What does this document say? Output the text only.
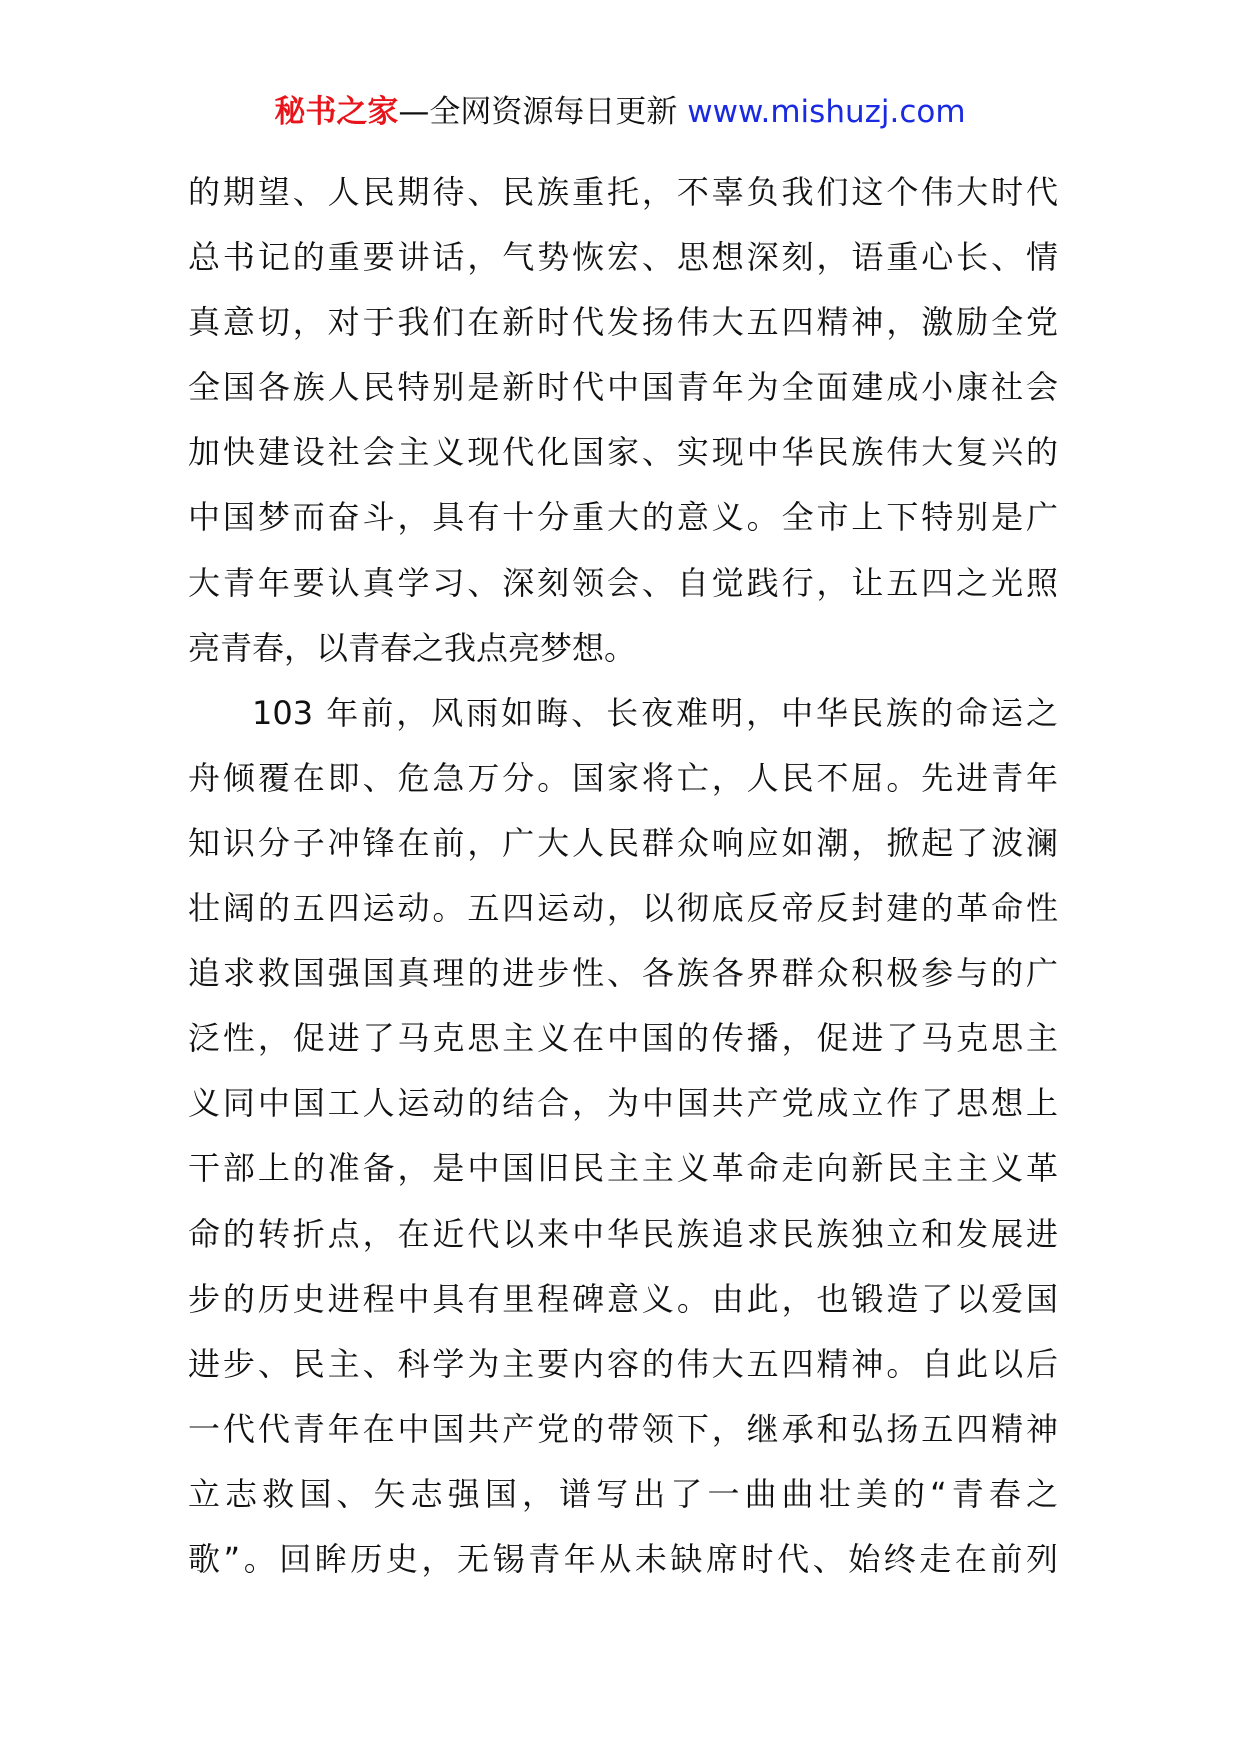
秘书之家—全网资源每日更新 www.mishuzj.com
的期望、人民期待、民族重托，不辜负我们这个伟大时代
总书记的重要讲话，气势恢宏、思想深刻，语重心长、情
真意切，对于我们在新时代发扬伟大五四精神，激励全党
全国各族人民特别是新时代中国青年为全面建成小康社会
加快建设社会主义现代化国家、实现中华民族伟大复兴的
中国梦而奋斗，具有十分重大的意义。全市上下特别是广
大青年要认真学习、深刻领会、自觉践行，让五四之光照
亮青春，以青春之我点亮梦想。
103 年前，风雨如晦、长夜难明，中华民族的命运之
舟倾覆在即、危急万分。国家将亡，人民不屈。先进青年
知识分子冲锋在前，广大人民群众响应如潮，掀起了波澜
壮阔的五四运动。五四运动，以彻底反帝反封建的革命性
追求救国强国真理的进步性、各族各界群众积极参与的广
泛性，促进了马克思主义在中国的传播，促进了马克思主
义同中国工人运动的结合，为中国共产党成立作了思想上
干部上的准备，是中国旧民主主义革命走向新民主主义革
命的转折点，在近代以来中华民族追求民族独立和发展进
步的历史进程中具有里程碑意义。由此，也锻造了以爱国
进步、民主、科学为主要内容的伟大五四精神。自此以后
一代代青年在中国共产党的带领下，继承和弘扬五四精神
立志救国、矢志强国，谱写出了一曲曲壮美的“青春之
歌”。回眸历史，无锡青年从未缺席时代、始终走在前列
